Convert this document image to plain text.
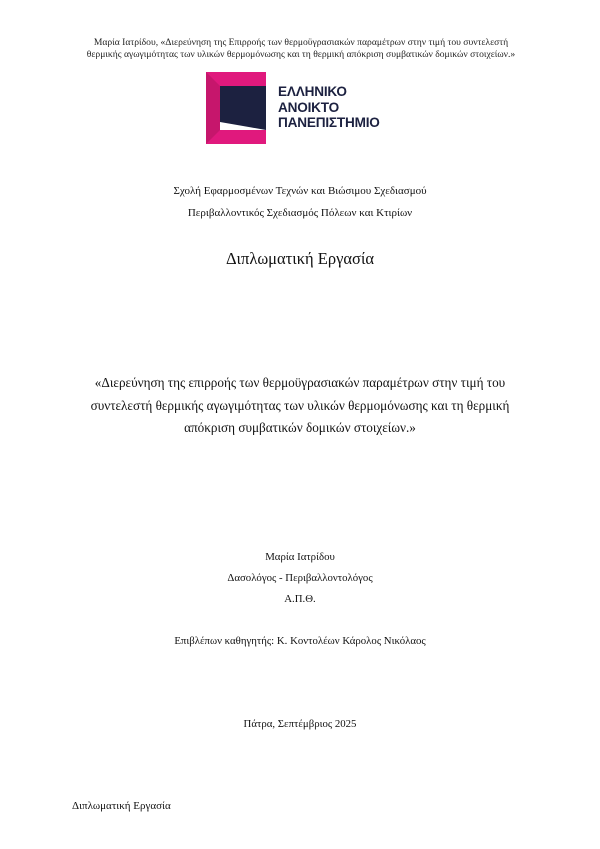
Μαρία Ιατρίδου, «Διερεύνηση της Επιρροής των θερμοϋγρασιακών παραμέτρων στην τιμή του συντελεστή
θερμικής αγωγιμότητας των υλικών θερμομόνωσης και τη θερμική απόκριση συμβατικών δομικών στοιχείων.»
ΕΛΛΗΝΙΚΟ
ΑΝΟΙΚΤΟ
ΠΑΝΕΠΙΣΤΗΜΙΟ
Σχολή Εφαρμοσμένων Τεχνών και Βιώσιμου Σχεδιασμού
Περιβαλλοντικός Σχεδιασμός Πόλεων και Κτιρίων
Διπλωματική Εργασία
«Διερεύνηση της επιρροής των θερμοϋγρασιακών παραμέτρων στην τιμή του
συντελεστή θερμικής αγωγιμότητας των υλικών θερμομόνωσης και τη θερμική
απόκριση συμβατικών δομικών στοιχείων.»
Μαρία Ιατρίδου
Δασολόγος - Περιβαλλοντολόγος
Α.Π.Θ.
Επιβλέπων καθηγητής: Κ. Κοντολέων Κάρολος Νικόλαος
Πάτρα, Σεπτέμβριος 2025
Διπλωματική Εργασία
